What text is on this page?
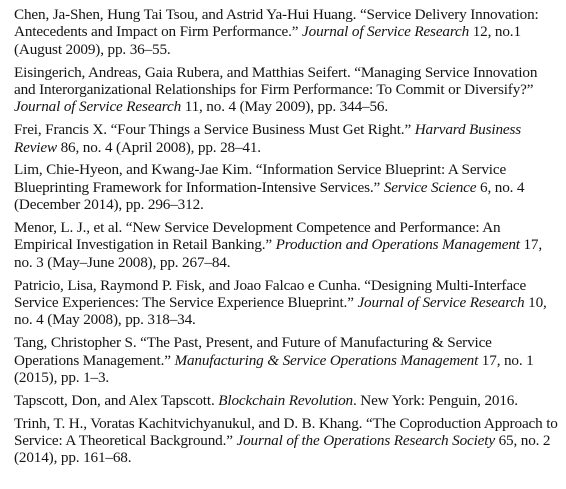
Chen, Ja-Shen, Hung Tai Tsou, and Astrid Ya-Hui Huang. “Service Delivery Innovation: Antecedents and Impact on Firm Performance.” Journal of Service Research 12, no.1 (August 2009), pp. 36–55.

Eisingerich, Andreas, Gaia Rubera, and Matthias Seifert. “Managing Service Innovation and Interorganizational Relationships for Firm Performance: To Commit or Diversify?” Journal of Service Research 11, no. 4 (May 2009), pp. 344–56.

Frei, Francis X. “Four Things a Service Business Must Get Right.” Harvard Business Review 86, no. 4 (April 2008), pp. 28–41.

Lim, Chie-Hyeon, and Kwang-Jae Kim. “Information Service Blueprint: A Service Blueprinting Framework for Information-Intensive Services.” Service Science 6, no. 4 (December 2014), pp. 296–312.

Menor, L. J., et al. “New Service Development Competence and Performance: An Empirical Investigation in Retail Banking.” Production and Operations Management 17, no. 3 (May–June 2008), pp. 267–84.

Patricio, Lisa, Raymond P. Fisk, and Joao Falcao e Cunha. “Designing Multi-Interface Service Experiences: The Service Experience Blueprint.” Journal of Service Research 10, no. 4 (May 2008), pp. 318–34.

Tang, Christopher S. “The Past, Present, and Future of Manufacturing & Service Operations Management.” Manufacturing & Service Operations Management 17, no. 1 (2015), pp. 1–3.

Tapscott, Don, and Alex Tapscott. Blockchain Revolution. New York: Penguin, 2016.

Trinh, T. H., Voratas Kachitvichyanukul, and D. B. Khang. “The Coproduction Approach to Service: A Theoretical Background.” Journal of the Operations Research Society 65, no. 2 (2014), pp. 161–68.
